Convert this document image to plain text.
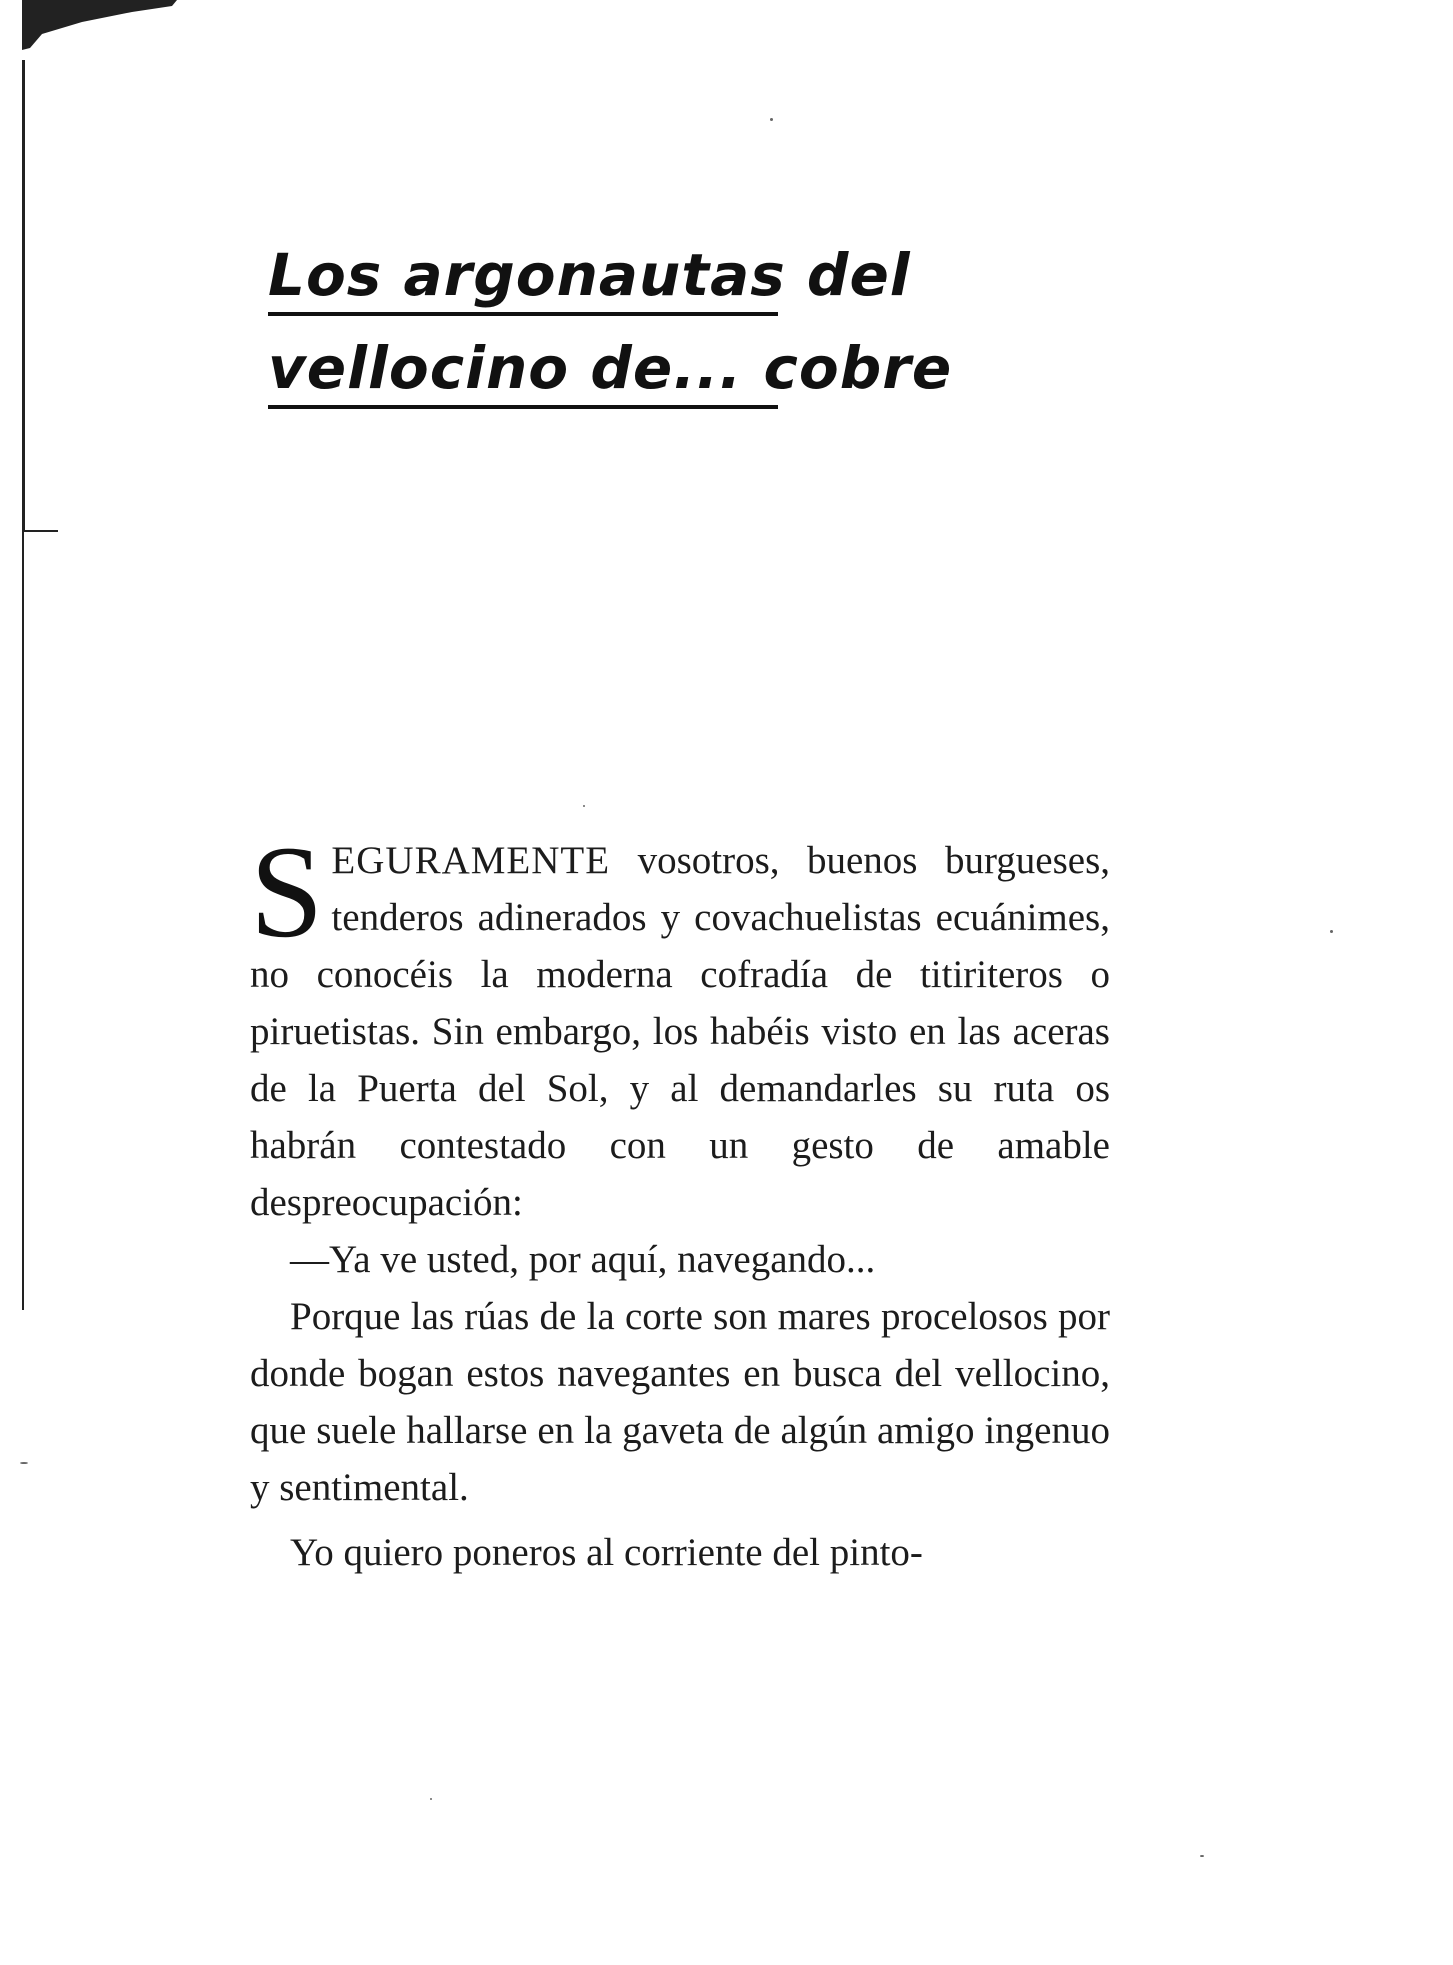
Los argonautas del
vellocino de... cobre

SEGURAMENTE vosotros, buenos burgueses, tenderos adinerados y covachuelistas ecuánimes, no conocéis la moderna cofradía de titiriteros o piruetistas. Sin embargo, los habéis visto en las aceras de la Puerta del Sol, y al demandarles su ruta os habrán contestado con un gesto de amable despreocupación:

—Ya ve usted, por aquí, navegando...

Porque las rúas de la corte son mares procelosos por donde bogan estos navegantes en busca del vellocino, que suele hallarse en la gaveta de algún amigo ingenuo y sentimental.

Yo quiero poneros al corriente del pinto-
